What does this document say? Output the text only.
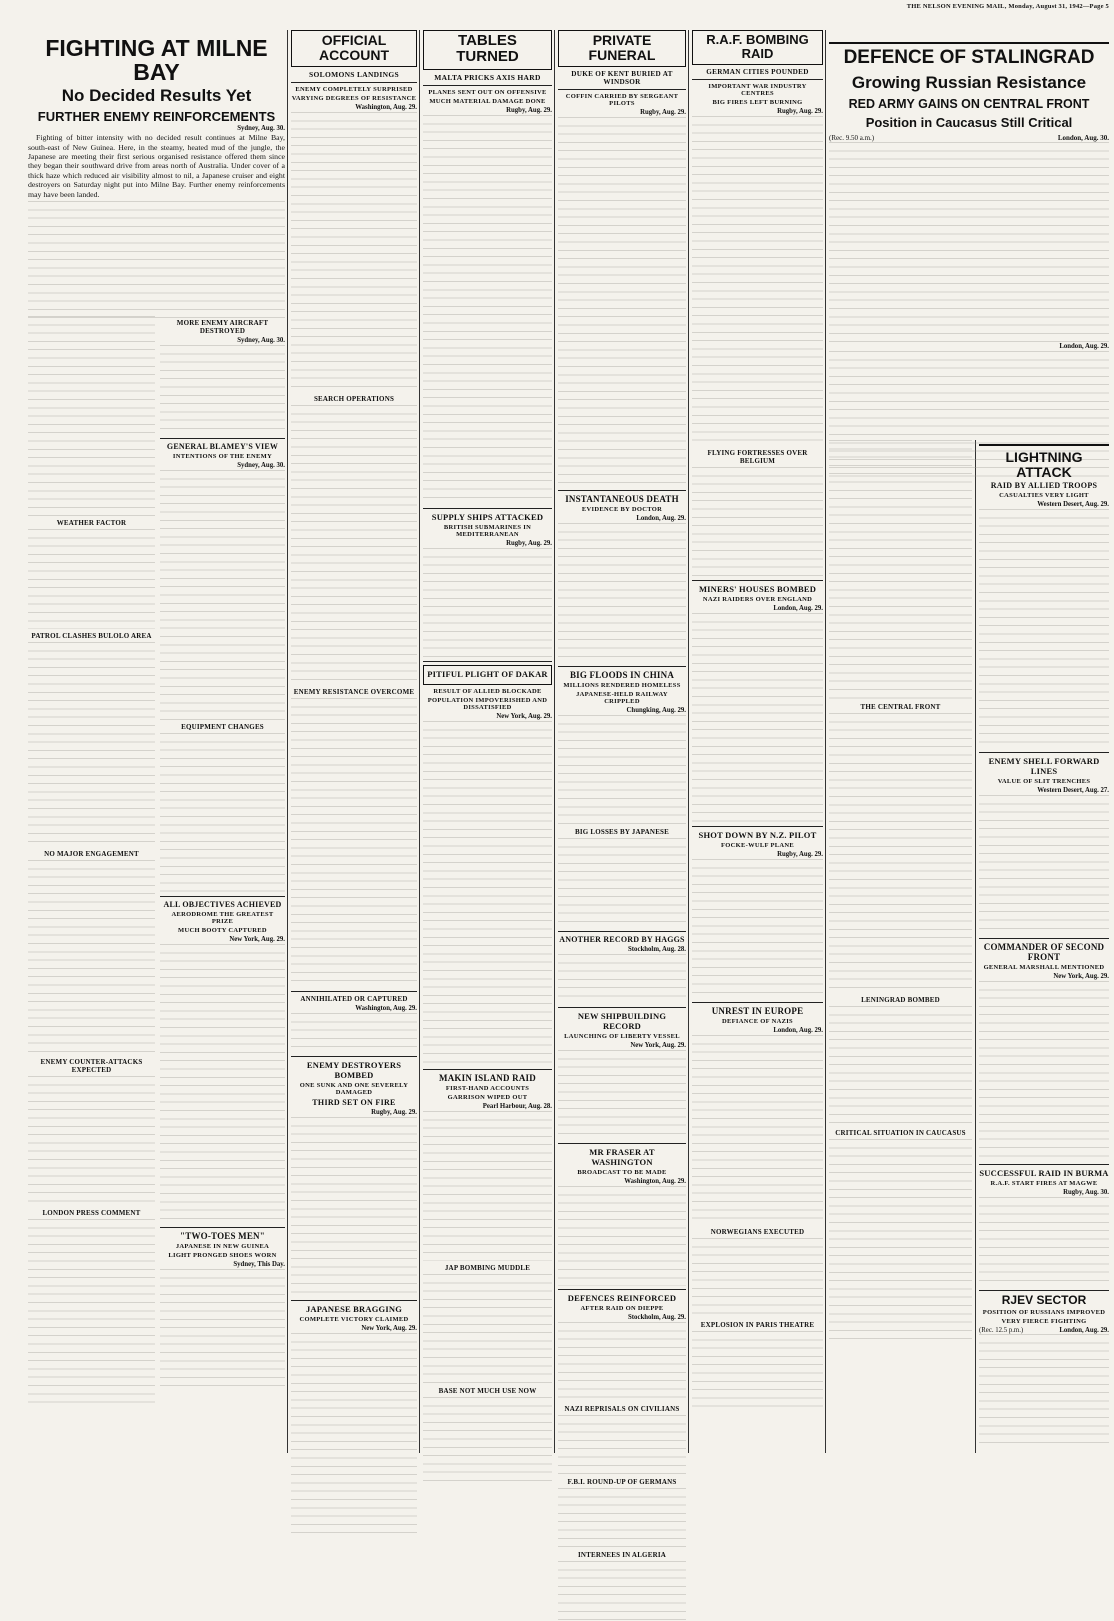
THE NELSON EVENING MAIL, Monday, August 31, 1942—Page 5
FIGHTING AT MILNE BAY
No Decided Results Yet
FURTHER ENEMY REINFORCEMENTS
Sydney, Aug. 30.

Fighting of bitter intensity with no decided result continues at Milne Bay, south-east of New Guinea. Here, in the steamy, heated mud of the jungle, the Japanese are meeting their first serious organised resistance offered them since they began their southward drive from areas north of Australia. Under cover of a thick haze which reduced air visibility almost to nil, a Japanese cruiser and eight destroyers on Saturday night put into Milne Bay. Further enemy reinforcements may have been landed.

WEATHER FACTOR
PATROL CLASHES BULOLO AREA
NO MAJOR ENGAGEMENT
ENEMY COUNTER-ATTACKS EXPECTED
LONDON PRESS COMMENT
MORE ENEMY AIRCRAFT DESTROYED
Sydney, Aug. 30.
GENERAL BLAMEY'S VIEW
INTENTIONS OF THE ENEMY
Sydney, Aug. 30.
EQUIPMENT CHANGES
ALL OBJECTIVES ACHIEVED
AERODROME THE GREATEST PRIZE
MUCH BOOTY CAPTURED
New York, Aug. 29.
"TWO-TOES MEN"
JAPANESE IN NEW GUINEA
LIGHT PRONGED SHOES WORN
Sydney, This Day.
OFFICIAL ACCOUNT
SOLOMONS LANDINGS
ENEMY COMPLETELY SURPRISED
VARYING DEGREES OF RESISTANCE
Washington, Aug. 29.
SEARCH OPERATIONS
ENEMY RESISTANCE OVERCOME
ANNIHILATED OR CAPTURED
Washington, Aug. 29.
ENEMY DESTROYERS BOMBED
ONE SUNK AND ONE SEVERELY DAMAGED
THIRD SET ON FIRE
Rugby, Aug. 29.
JAPANESE BRAGGING
COMPLETE VICTORY CLAIMED
New York, Aug. 29.
TABLES TURNED
MALTA PRICKS AXIS HARD
PLANES SENT OUT ON OFFENSIVE
MUCH MATERIAL DAMAGE DONE
Rugby, Aug. 29.
SUPPLY SHIPS ATTACKED
BRITISH SUBMARINES IN MEDITERRANEAN
Rugby, Aug. 29.
PITIFUL PLIGHT OF DAKAR
RESULT OF ALLIED BLOCKADE
POPULATION IMPOVERISHED AND DISSATISFIED
New York, Aug. 29.
MAKIN ISLAND RAID
FIRST-HAND ACCOUNTS
GARRISON WIPED OUT
Pearl Harbour, Aug. 28.
JAP BOMBING MUDDLE
BASE NOT MUCH USE NOW
PRIVATE FUNERAL
DUKE OF KENT BURIED AT WINDSOR
COFFIN CARRIED BY SERGEANT PILOTS
Rugby, Aug. 29.
INSTANTANEOUS DEATH
EVIDENCE BY DOCTOR
London, Aug. 29.
BIG FLOODS IN CHINA
MILLIONS RENDERED HOMELESS
JAPANESE-HELD RAILWAY CRIPPLED
Chungking, Aug. 29.
BIG LOSSES BY JAPANESE
ANOTHER RECORD BY HAGGS
Stockholm, Aug. 28.
NEW SHIPBUILDING RECORD
LAUNCHING OF LIBERTY VESSEL
New York, Aug. 29.
MR FRASER AT WASHINGTON
BROADCAST TO BE MADE
Washington, Aug. 29.
DEFENCES REINFORCED
AFTER RAID ON DIEPPE
Stockholm, Aug. 29.
NAZI REPRISALS ON CIVILIANS
F.B.I. ROUND-UP OF GERMANS
INTERNEES IN ALGERIA
R.A.F. BOMBING RAID
GERMAN CITIES POUNDED
IMPORTANT WAR INDUSTRY CENTRES
BIG FIRES LEFT BURNING
Rugby, Aug. 29.
FLYING FORTRESSES OVER BELGIUM
MINERS' HOUSES BOMBED
NAZI RAIDERS OVER ENGLAND
London, Aug. 29.
SHOT DOWN BY N.Z. PILOT
FOCKE-WULF PLANE
Rugby, Aug. 29.
UNREST IN EUROPE
DEFIANCE OF NAZIS
London, Aug. 29.
NORWEGIANS EXECUTED
EXPLOSION IN PARIS THEATRE
DEFENCE OF STALINGRAD
Growing Russian Resistance
RED ARMY GAINS ON CENTRAL FRONT
Position in Caucasus Still Critical
(Rec. 9.50 a.m.)	London, Aug. 30.
London, Aug. 29.
THE CENTRAL FRONT
LENINGRAD BOMBED
CRITICAL SITUATION IN CAUCASUS
LIGHTNING ATTACK
RAID BY ALLIED TROOPS
CASUALTIES VERY LIGHT
Western Desert, Aug. 29.
ENEMY SHELL FORWARD LINES
VALUE OF SLIT TRENCHES
Western Desert, Aug. 27.
COMMANDER OF SECOND FRONT
GENERAL MARSHALL MENTIONED
New York, Aug. 29.
SUCCESSFUL RAID IN BURMA
R.A.F. START FIRES AT MAGWE
Rugby, Aug. 30.
RJEV SECTOR
POSITION OF RUSSIANS IMPROVED
VERY FIERCE FIGHTING
(Rec. 12.5 p.m.)	London, Aug. 29.
